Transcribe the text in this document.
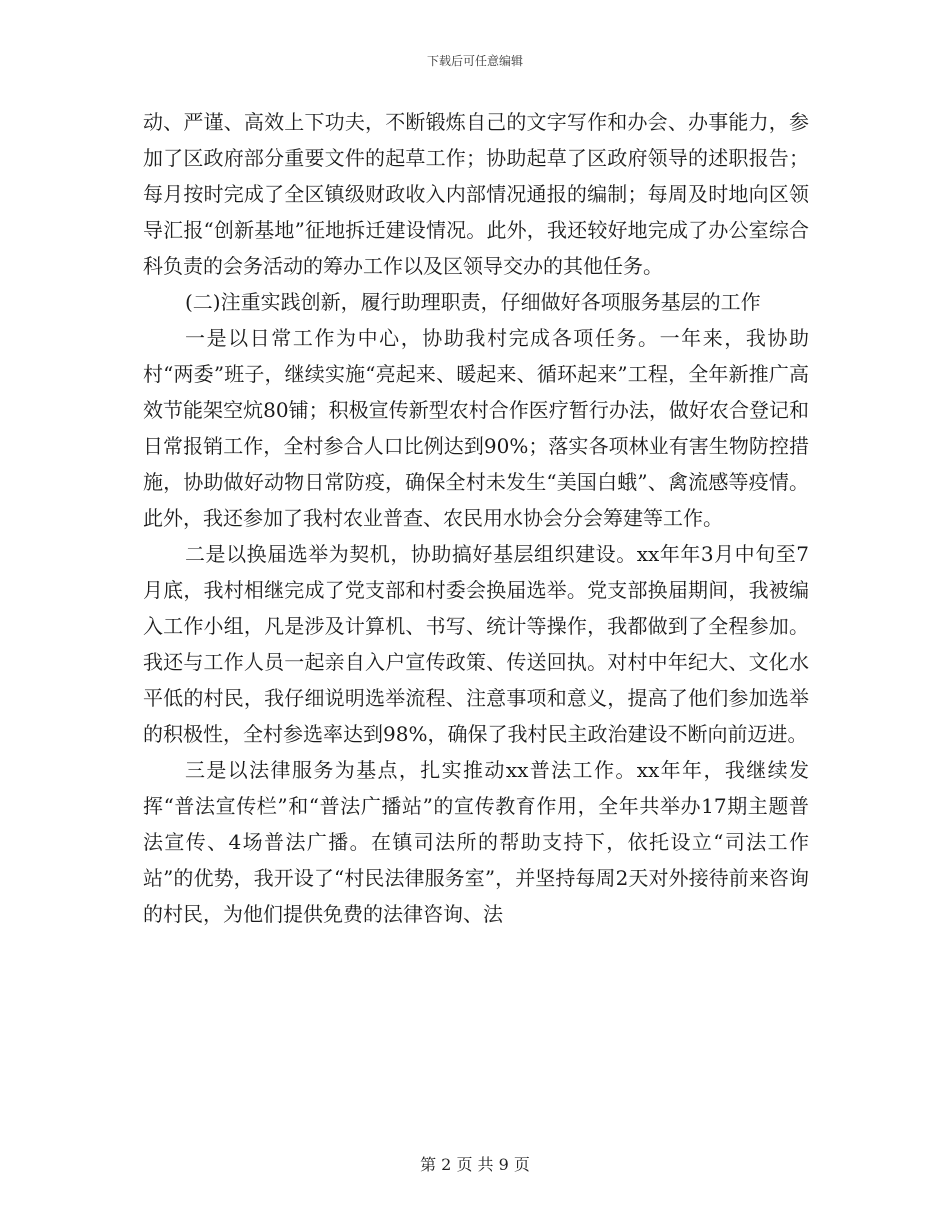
下载后可任意编辑

动、严谨、高效上下功夫，不断锻炼自己的文字写作和办会、办事能力，参加了区政府部分重要文件的起草工作；协助起草了区政府领导的述职报告；每月按时完成了全区镇级财政收入内部情况通报的编制；每周及时地向区领导汇报“创新基地”征地拆迁建设情况。此外，我还较好地完成了办公室综合科负责的会务活动的筹办工作以及区领导交办的其他任务。

(二)注重实践创新，履行助理职责，仔细做好各项服务基层的工作

一是以日常工作为中心，协助我村完成各项任务。一年来，我协助村“两委”班子，继续实施“亮起来、暖起来、循环起来”工程，全年新推广高效节能架空炕80铺；积极宣传新型农村合作医疗暂行办法，做好农合登记和日常报销工作，全村参合人口比例达到90%；落实各项林业有害生物防控措施，协助做好动物日常防疫，确保全村未发生“美国白蛾”、禽流感等疫情。此外，我还参加了我村农业普查、农民用水协会分会筹建等工作。

二是以换届选举为契机，协助搞好基层组织建设。xx年年3月中旬至7月底，我村相继完成了党支部和村委会换届选举。党支部换届期间，我被编入工作小组，凡是涉及计算机、书写、统计等操作，我都做到了全程参加。我还与工作人员一起亲自入户宣传政策、传送回执。对村中年纪大、文化水平低的村民，我仔细说明选举流程、注意事项和意义，提高了他们参加选举的积极性，全村参选率达到98%，确保了我村民主政治建设不断向前迈进。

三是以法律服务为基点，扎实推动xx普法工作。xx年年，我继续发挥“普法宣传栏”和“普法广播站”的宣传教育作用，全年共举办17期主题普法宣传、4场普法广播。在镇司法所的帮助支持下，依托设立“司法工作站”的优势，我开设了“村民法律服务室”，并坚持每周2天对外接待前来咨询的村民，为他们提供免费的法律咨询、法

第 2 页 共 9 页
